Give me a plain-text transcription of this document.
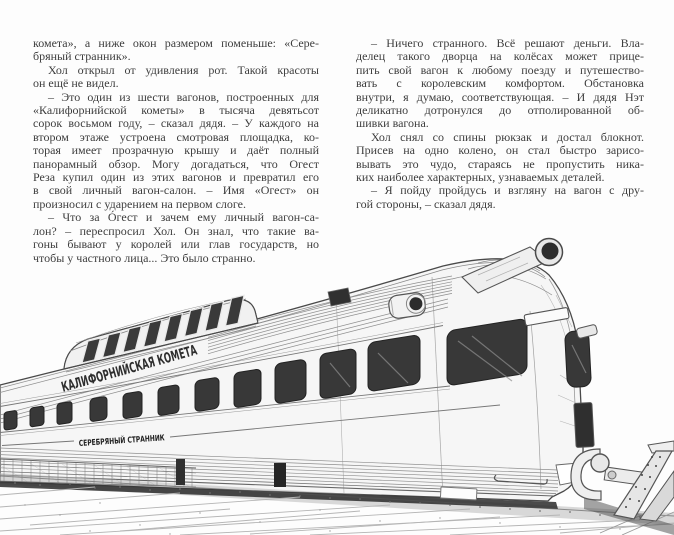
комета», а ниже окон размером поменьше: «Сере-
бряный странник».
Хол открыл от удивления рот. Такой красоты
он ещё не видел.
– Это один из шести вагонов, построенных для
«Калифорнийской кометы» в тысяча девятьсот
сорок восьмом году, – сказал дядя. – У каждого на
втором этаже устроена смотровая площадка, ко-
торая имеет прозрачную крышу и даёт полный
панорамный обзор. Могу догадаться, что Огест
Реза купил один из этих вагонов и превратил его
в свой личный вагон-салон. – Имя «Огест» он
произносил с ударением на первом слоге.
– Что за Óгест и зачем ему личный вагон-са-
лон? – переспросил Хол. Он знал, что такие ва-
гоны бывают у королей или глав государств, но
чтобы у частного лица... Это было странно.
– Ничего странного. Всё решают деньги. Вла-
делец такого дворца на колёсах может прице-
пить свой вагон к любому поезду и путешество-
вать с королевским комфортом. Обстановка
внутри, я думаю, соответствующая. – И дядя Нэт
деликатно дотронулся до отполированной об-
шивки вагона.
Хол снял со спины рюкзак и достал блокнот.
Присев на одно колено, он стал быстро зарисо-
вывать это чудо, стараясь не пропустить ника-
ких наиболее характерных, узнаваемых деталей.
– Я пойду пройдусь и взгляну на вагон с дру-
гой стороны, – сказал дядя.
КАЛИФОРНИЙСКАЯ КОМЕТА
СЕРЕБРЯНЫЙ СТРАННИК
